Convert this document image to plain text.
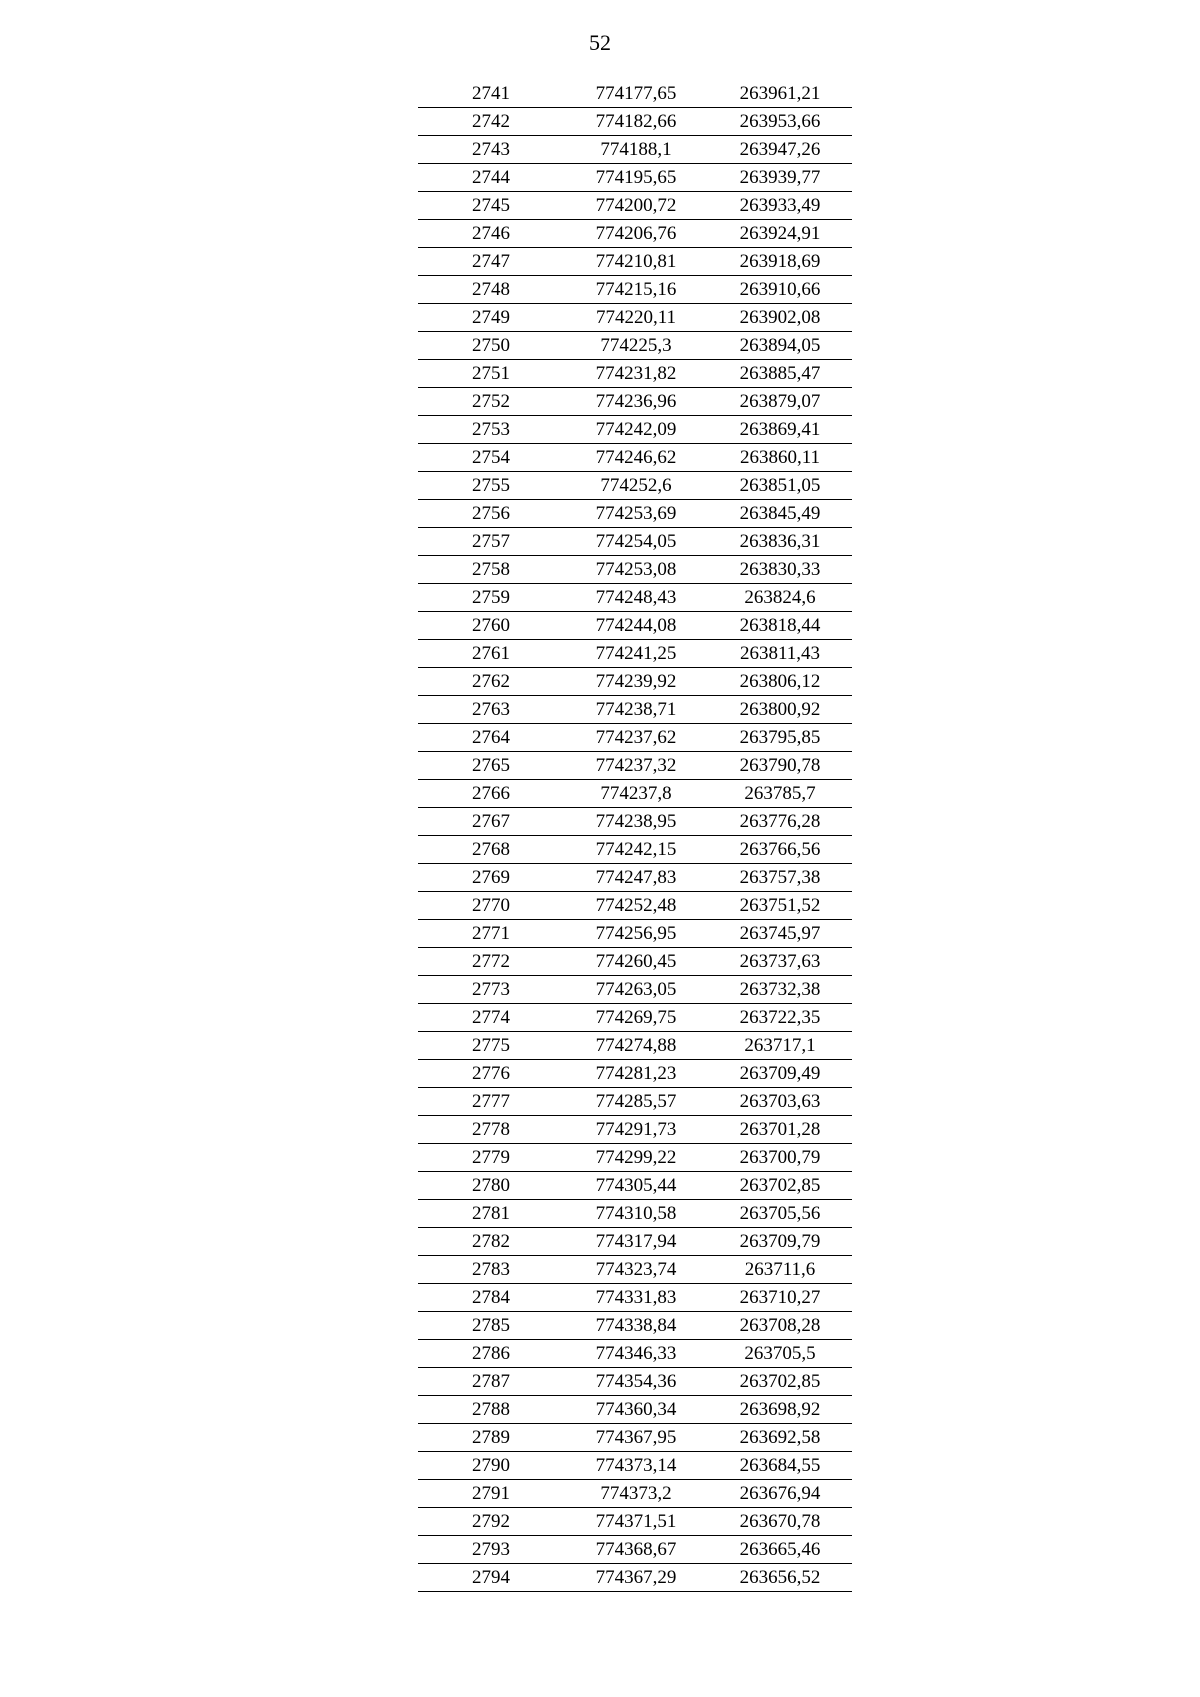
52
2741	774177,65	263961,21
2742	774182,66	263953,66
2743	774188,1	263947,26
2744	774195,65	263939,77
2745	774200,72	263933,49
2746	774206,76	263924,91
2747	774210,81	263918,69
2748	774215,16	263910,66
2749	774220,11	263902,08
2750	774225,3	263894,05
2751	774231,82	263885,47
2752	774236,96	263879,07
2753	774242,09	263869,41
2754	774246,62	263860,11
2755	774252,6	263851,05
2756	774253,69	263845,49
2757	774254,05	263836,31
2758	774253,08	263830,33
2759	774248,43	263824,6
2760	774244,08	263818,44
2761	774241,25	263811,43
2762	774239,92	263806,12
2763	774238,71	263800,92
2764	774237,62	263795,85
2765	774237,32	263790,78
2766	774237,8	263785,7
2767	774238,95	263776,28
2768	774242,15	263766,56
2769	774247,83	263757,38
2770	774252,48	263751,52
2771	774256,95	263745,97
2772	774260,45	263737,63
2773	774263,05	263732,38
2774	774269,75	263722,35
2775	774274,88	263717,1
2776	774281,23	263709,49
2777	774285,57	263703,63
2778	774291,73	263701,28
2779	774299,22	263700,79
2780	774305,44	263702,85
2781	774310,58	263705,56
2782	774317,94	263709,79
2783	774323,74	263711,6
2784	774331,83	263710,27
2785	774338,84	263708,28
2786	774346,33	263705,5
2787	774354,36	263702,85
2788	774360,34	263698,92
2789	774367,95	263692,58
2790	774373,14	263684,55
2791	774373,2	263676,94
2792	774371,51	263670,78
2793	774368,67	263665,46
2794	774367,29	263656,52
